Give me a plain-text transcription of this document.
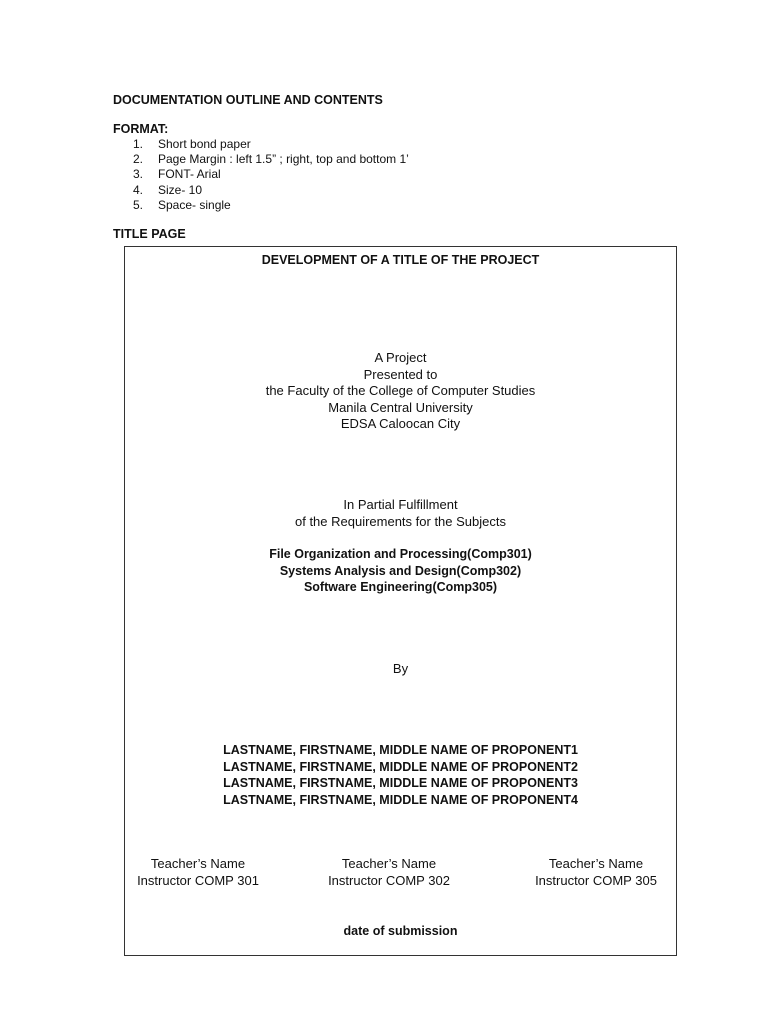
DOCUMENTATION OUTLINE AND CONTENTS
FORMAT:
1. Short bond paper
2. Page Margin : left 1.5” ; right, top and bottom 1’
3. FONT- Arial
4. Size- 10
5. Space- single
TITLE PAGE
DEVELOPMENT OF A TITLE OF THE PROJECT
A Project
Presented to
the Faculty of the College of Computer Studies
Manila Central University
EDSA Caloocan City
In Partial Fulfillment
of the Requirements for the Subjects
File Organization and Processing(Comp301)
Systems Analysis and Design(Comp302)
Software Engineering(Comp305)
By
LASTNAME, FIRSTNAME, MIDDLE NAME OF PROPONENT1
LASTNAME, FIRSTNAME, MIDDLE NAME OF PROPONENT2
LASTNAME, FIRSTNAME, MIDDLE NAME OF PROPONENT3
LASTNAME, FIRSTNAME, MIDDLE NAME OF PROPONENT4
Teacher’s Name
Instructor COMP 301
Teacher’s Name
Instructor COMP 302
Teacher’s Name
Instructor COMP 305
date of submission
